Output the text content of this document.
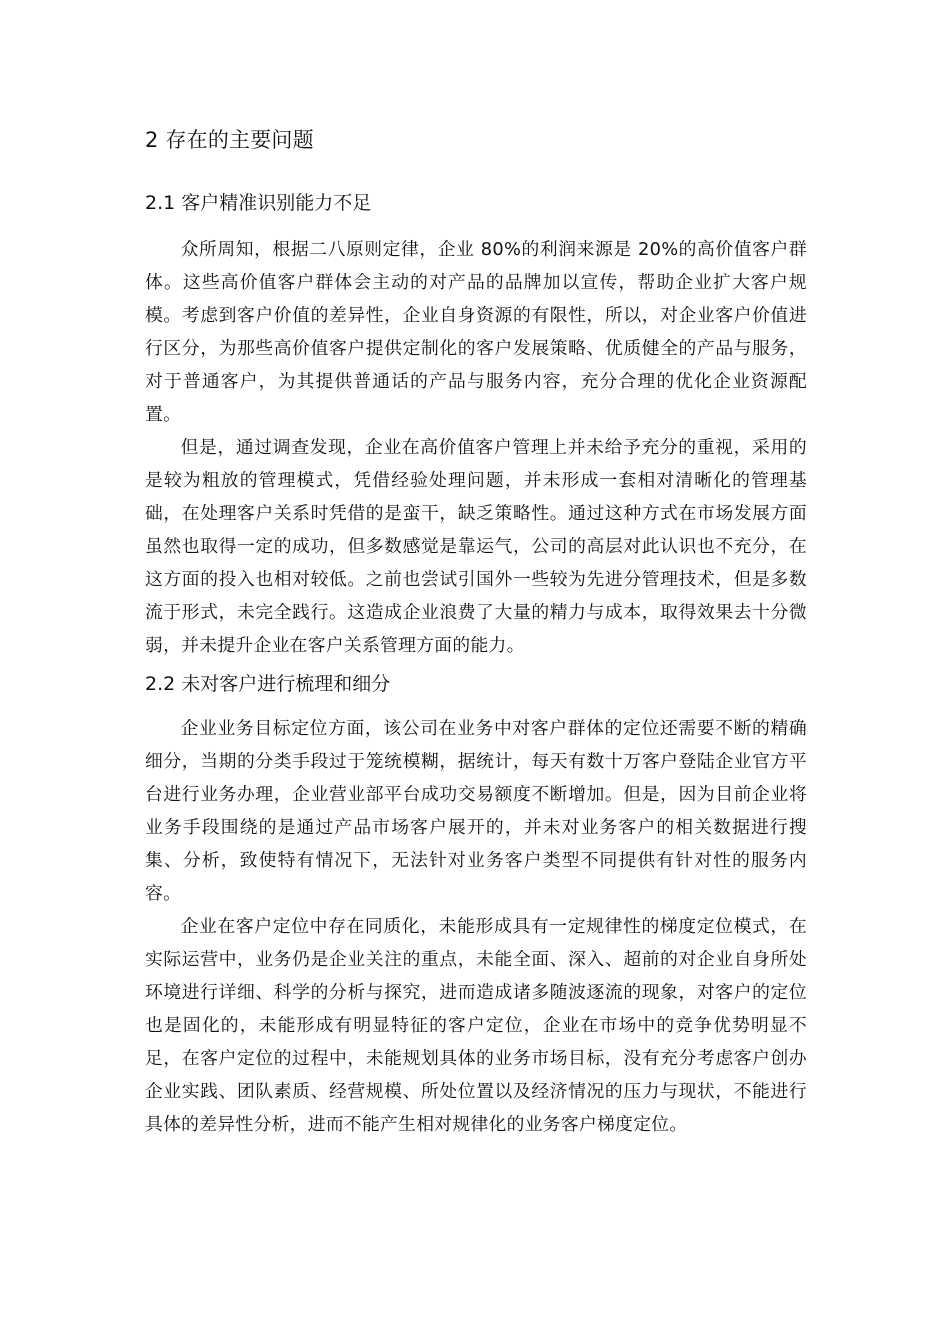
2 存在的主要问题
2.1 客户精准识别能力不足

众所周知，根据二八原则定律，企业 80%的利润来源是 20%的高价值客户群体。这些高价值客户群体会主动的对产品的品牌加以宣传，帮助企业扩大客户规模。考虑到客户价值的差异性，企业自身资源的有限性，所以，对企业客户价值进行区分，为那些高价值客户提供定制化的客户发展策略、优质健全的产品与服务，对于普通客户，为其提供普通话的产品与服务内容，充分合理的优化企业资源配置。

但是，通过调查发现，企业在高价值客户管理上并未给予充分的重视，采用的是较为粗放的管理模式，凭借经验处理问题，并未形成一套相对清晰化的管理基础，在处理客户关系时凭借的是蛮干，缺乏策略性。通过这种方式在市场发展方面虽然也取得一定的成功，但多数感觉是靠运气，公司的高层对此认识也不充分，在这方面的投入也相对较低。之前也尝试引国外一些较为先进分管理技术，但是多数流于形式，未完全践行。这造成企业浪费了大量的精力与成本，取得效果去十分微弱，并未提升企业在客户关系管理方面的能力。

2.2 未对客户进行梳理和细分

企业业务目标定位方面，该公司在业务中对客户群体的定位还需要不断的精确细分，当期的分类手段过于笼统模糊，据统计，每天有数十万客户登陆企业官方平台进行业务办理，企业营业部平台成功交易额度不断增加。但是，因为目前企业将业务手段围绕的是通过产品市场客户展开的，并未对业务客户的相关数据进行搜集、分析，致使特有情况下，无法针对业务客户类型不同提供有针对性的服务内容。

企业在客户定位中存在同质化，未能形成具有一定规律性的梯度定位模式，在实际运营中，业务仍是企业关注的重点，未能全面、深入、超前的对企业自身所处环境进行详细、科学的分析与探究，进而造成诸多随波逐流的现象，对客户的定位也是固化的，未能形成有明显特征的客户定位，企业在市场中的竞争优势明显不足，在客户定位的过程中，未能规划具体的业务市场目标，没有充分考虑客户创办企业实践、团队素质、经营规模、所处位置以及经济情况的压力与现状，不能进行具体的差异性分析，进而不能产生相对规律化的业务客户梯度定位。
